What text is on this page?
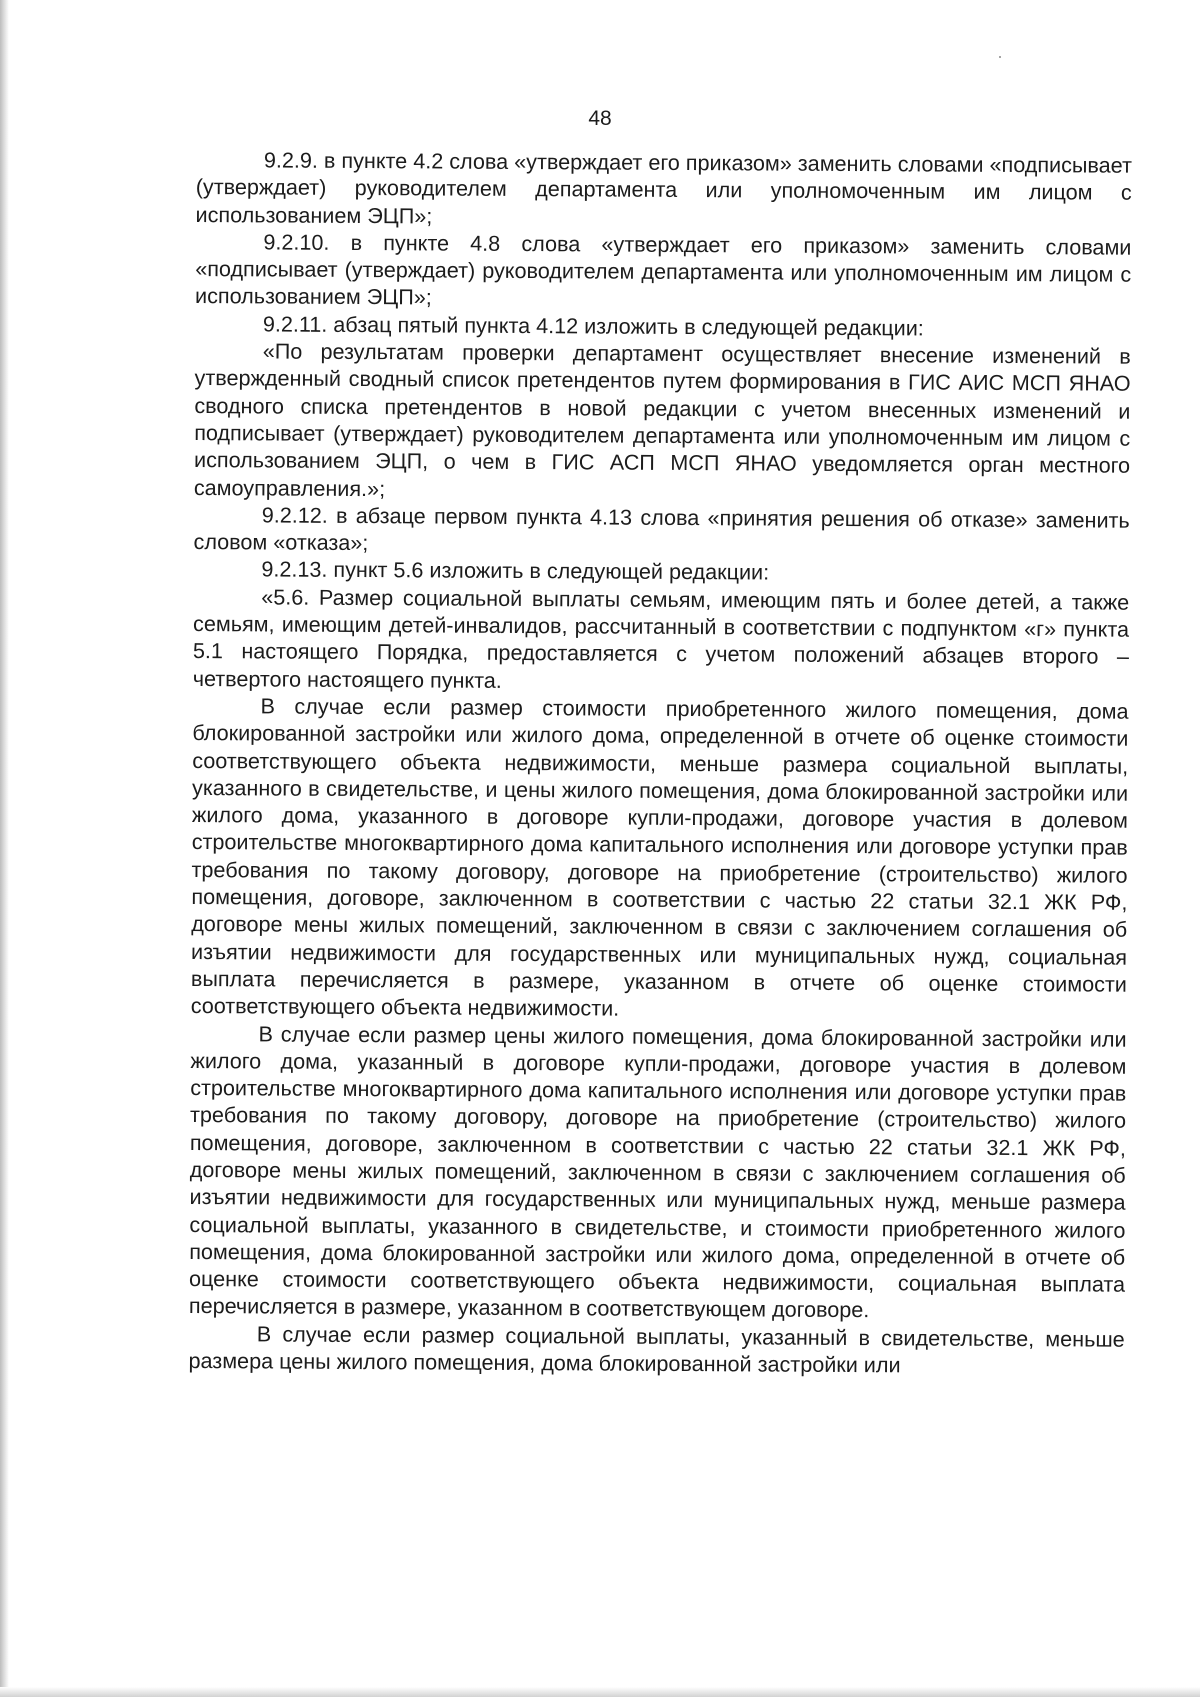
48

9.2.9. в пункте 4.2 слова «утверждает его приказом» заменить словами «подписывает (утверждает) руководителем департамента или уполномоченным им лицом с использованием ЭЦП»;

9.2.10. в пункте 4.8 слова «утверждает его приказом» заменить словами «подписывает (утверждает) руководителем департамента или уполномоченным им лицом с использованием ЭЦП»;

9.2.11. абзац пятый пункта 4.12 изложить в следующей редакции:

«По результатам проверки департамент осуществляет внесение изменений в утвержденный сводный список претендентов путем формирования в ГИС АИС МСП ЯНАО сводного списка претендентов в новой редакции с учетом внесенных изменений и подписывает (утверждает) руководителем департамента или уполномоченным им лицом с использованием ЭЦП, о чем в ГИС АСП МСП ЯНАО уведомляется орган местного самоуправления.»;

9.2.12. в абзаце первом пункта 4.13 слова «принятия решения об отказе» заменить словом «отказа»;

9.2.13. пункт 5.6 изложить в следующей редакции:

«5.6. Размер социальной выплаты семьям, имеющим пять и более детей, а также семьям, имеющим детей-инвалидов, рассчитанный в соответствии с подпунктом «г» пункта 5.1 настоящего Порядка, предоставляется с учетом положений абзацев второго – четвертого настоящего пункта.

В случае если размер стоимости приобретенного жилого помещения, дома блокированной застройки или жилого дома, определенной в отчете об оценке стоимости соответствующего объекта недвижимости, меньше размера социальной выплаты, указанного в свидетельстве, и цены жилого помещения, дома блокированной застройки или жилого дома, указанного в договоре купли-продажи, договоре участия в долевом строительстве многоквартирного дома капитального исполнения или договоре уступки прав требования по такому договору, договоре на приобретение (строительство) жилого помещения, договоре, заключенном в соответствии с частью 22 статьи 32.1 ЖК РФ, договоре мены жилых помещений, заключенном в связи с заключением соглашения об изъятии недвижимости для государственных или муниципальных нужд, социальная выплата перечисляется в размере, указанном в отчете об оценке стоимости соответствующего объекта недвижимости.

В случае если размер цены жилого помещения, дома блокированной застройки или жилого дома, указанный в договоре купли-продажи, договоре участия в долевом строительстве многоквартирного дома капитального исполнения или договоре уступки прав требования по такому договору, договоре на приобретение (строительство) жилого помещения, договоре, заключенном в соответствии с частью 22 статьи 32.1 ЖК РФ, договоре мены жилых помещений, заключенном в связи с заключением соглашения об изъятии недвижимости для государственных или муниципальных нужд, меньше размера социальной выплаты, указанного в свидетельстве, и стоимости приобретенного жилого помещения, дома блокированной застройки или жилого дома, определенной в отчете об оценке стоимости соответствующего объекта недвижимости, социальная выплата перечисляется в размере, указанном в соответствующем договоре.

В случае если размер социальной выплаты, указанный в свидетельстве, меньше размера цены жилого помещения, дома блокированной застройки или
